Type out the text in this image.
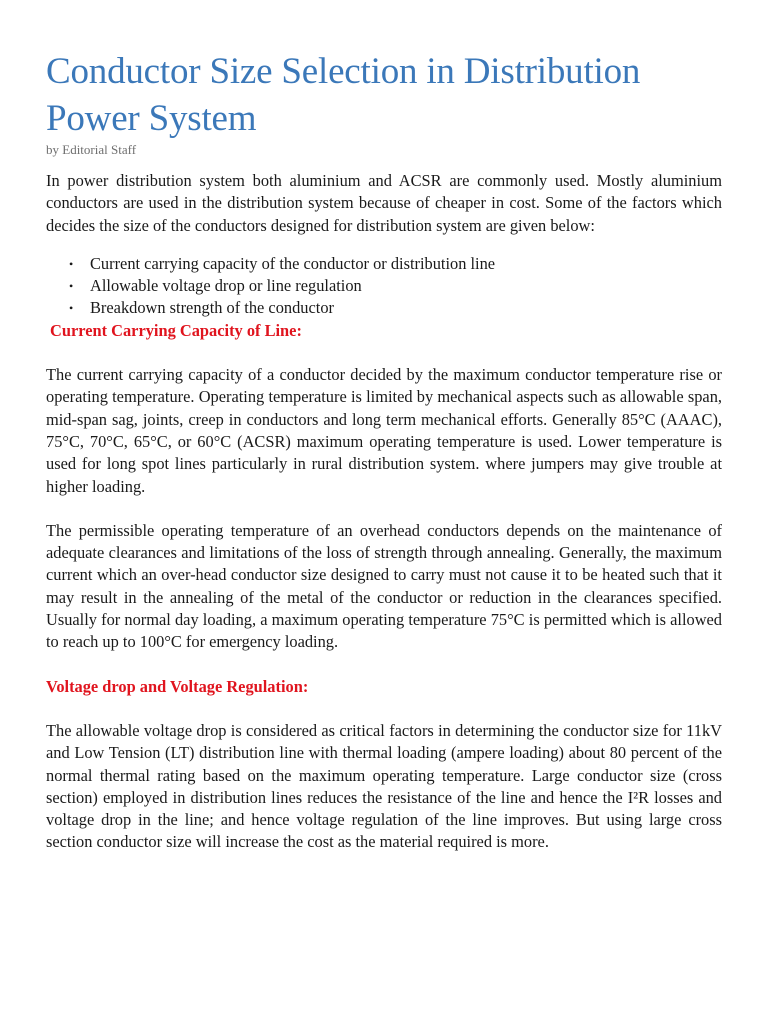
Conductor Size Selection in Distribution Power System

by Editorial Staff

In power distribution system both aluminium and ACSR are commonly used. Mostly aluminium conductors are used in the distribution system because of cheaper in cost. Some of the factors which decides the size of the conductors designed for distribution system are given below:

• Current carrying capacity of the conductor or distribution line
• Allowable voltage drop or line regulation
• Breakdown strength of the conductor

Current Carrying Capacity of Line:

The current carrying capacity of a conductor decided by the maximum conductor temperature rise or operating temperature. Operating temperature is limited by mechanical aspects such as allowable span, mid-span sag, joints, creep in conductors and long term mechanical efforts. Generally 85°C (AAAC), 75°C, 70°C, 65°C, or 60°C (ACSR) maximum operating temperature is used. Lower temperature is used for long spot lines particularly in rural distribution system. where jumpers may give trouble at higher loading.

The permissible operating temperature of an overhead conductors depends on the maintenance of adequate clearances and limitations of the loss of strength through annealing. Generally, the maximum current which an over-head conductor size designed to carry must not cause it to be heated such that it may result in the annealing of the metal of the conductor or reduction in the clearances specified. Usually for normal day loading, a maximum operating temperature 75°C is permitted which is allowed to reach up to 100°C for emergency loading.

Voltage drop and Voltage Regulation:

The allowable voltage drop is considered as critical factors in determining the conductor size for 11kV and Low Tension (LT) distribution line with thermal loading (ampere loading) about 80 percent of the normal thermal rating based on the maximum operating temperature. Large conductor size (cross section) employed in distribution lines reduces the resistance of the line and hence the I²R losses and voltage drop in the line; and hence voltage regulation of the line improves. But using large cross section conductor size will increase the cost as the material required is more.
